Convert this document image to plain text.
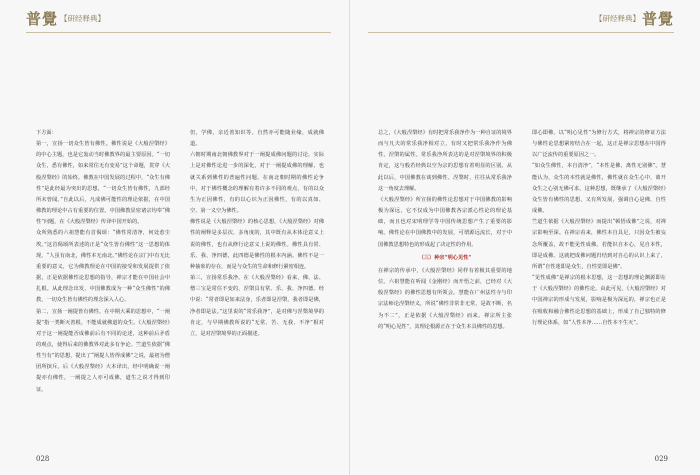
普覺 【研经释典】

下方面：

第一，宣扬一切众生皆有佛性。佛性说是《大般涅槃经》的中心主题，也是它轰动当时佛教界的最主要原因。“一切众生，悉有佛性，如来常住无有变易”这个命题，贯穿《大般涅槃经》的始终。佛教在中国发展的过程中，“众生有佛性”是此经最为突出的思想，“一切众生皆有佛性，九部经所未曾闻。”自此以后，凡成佛可能性的理论依据，在中国佛教的理论中占有重要的位置。中国佛教显密诸宗均奉“佛性”问题，在《大般涅槃经》传译中国开始的。

众所熟悉的六祖慧能有首偈颂：“佛性常清净，何处惹尘埃。”这首偈颂所表述的正是“众生皆有佛性”这一思想的体现。“人虽有南北，佛性本无南北。”佛性论在宗门中有无比重要的意义，它为佛教理论在中国的接受和发展提供了依据，正是依据佛性论思想的指导，禅宗才能在中国社会中扎根。从此理念出发，中国佛教成为一种“众生佛性”的佛教，一切众生皆有佛性的理念深入人心。

第二，宣扬一阐提皆有佛性。在中期大乘的思想中，“一阐提”指一类断灭善根、不能成就佛道的众生。《大般涅槃经》对于这一阐提能否成佛前后有不同的论述，这种前后矛盾的观点，使得后来的佛教界对此多有争论。竺道生依据“佛性当有”的思想，提出了“阐提人皆得成佛”之说，最初为僧团所摈斥。后《大般涅槃经》大本译出，经中明确说一阐提亦有佛性，一阐提之人亦可成佛，道生之说才得到印证。

但，学佛，亲近善知识等。自然亦可能随业缘，成就佛道。

六朝时期南北朝佛教界对于一阐提成佛问题的讨论，实际上是对佛性论进一步的深化，对于一阐提成佛的理解，也就关系到佛性的普遍性问题。在南北朝时期的佛性论争中，对于佛性概念的理解有着许多不同的观点，有的以众生为正因佛性，有的以心识为正因佛性，有的以真如、空、第一义空为佛性。

佛性说是《大般涅槃经》的核心思想，《大般涅槃经》对佛性的阐释是多层次、多角度的，其中既有从本体论意义上说的佛性，也有从修行论意义上说的佛性。佛性具有常、乐、我、净四德，此四德是佛性的根本内涵。佛性不是一种抽象的存在，而是与众生的生命和修行紧密相连。

第三，宣扬常乐我净。在《大般涅槃经》看来，佛、法、僧三宝是常住不变的，涅槃具有常、乐、我、净四德。经中说：“常者即是如来法身，乐者即是涅槃，我者即是佛，净者即是法。”这里说的“常乐我净”，是对佛与涅槃境界的肯定，与早期佛教所说的“无常、苦、无我、不净”相对立，是对涅槃境界的正面描述。

028
【研经释典】 普覺

总之，《大般涅槃经》有时把常乐我净作为一种自证的境界而与凡夫的常乐我净相对立，有时又把常乐我净作为佛性、涅槃的属性。常乐我净所表达的是对涅槃境界的积极肯定，这与般若经典以空为宗的思想有着明显的区别。从此以后，中国佛教在谈到佛性、涅槃时，往往从常乐我净这一角度去理解。

《大般涅槃经》所宣扬的佛性论思想对于中国佛教的影响极为深远，它不仅成为中国佛教各宗派心性论的理论基础，而且也对宋明理学等中国传统思想产生了重要的影响。佛性论在中国佛教中的发展，可谓源远流长，对于中国佛教思想特色的形成起了决定性的作用。

（三）种宗“明心见性”

在禅宗的传承中，《大般涅槃经》同样有着极其重要的地位。六祖慧能在听闻《金刚经》而开悟之前，已经对《大般涅槃经》的佛性思想有所领会。慧能在广州法性寺与印宗法师论涅槃经义，所说“佛性非常非无常，是故不断，名为不二”，正是依据《大般涅槃经》而来。禅宗所主张的“明心见性”，其理论根源正在于众生本具佛性的思想。

即心即佛，以“明心见性”为修行方式，将禅宗的修证方法与佛性论思想紧密结合在一起，这正是禅宗思想在中国得以广泛流传的重要原因之一。

“如众生佛性，本自清净”，“本性是佛，离性无别佛”。慧能认为，众生的本性就是佛性，佛性就在众生心中，离开众生之心别无佛可求。这种思想，既继承了《大般涅槃经》众生皆有佛性的思想，又有所发展，强调自心是佛，自性成佛。

竺道生依据《大般涅槃经》而提出“顿悟成佛”之说，对禅宗影响至深。在禅宗看来，佛性本自具足，只因众生被妄念所覆盖，故不能见性成佛。若能识自本心，见自本性，即是成佛。这就把成佛问题归结到对自心的认识上来了，所谓“自性迷即是众生，自性觉即是佛”。

“见性成佛”是禅宗的根本思想，这一思想的理论渊源即在于《大般涅槃经》的佛性论。由此可见，《大般涅槃经》对中国禅宗的形成与发展，影响是极为深远的，禅宗也正是在吸收和融合佛性论思想的基础上，形成了自己独特的修行理论体系，如“人性本净……自性本不生灭”。

029
